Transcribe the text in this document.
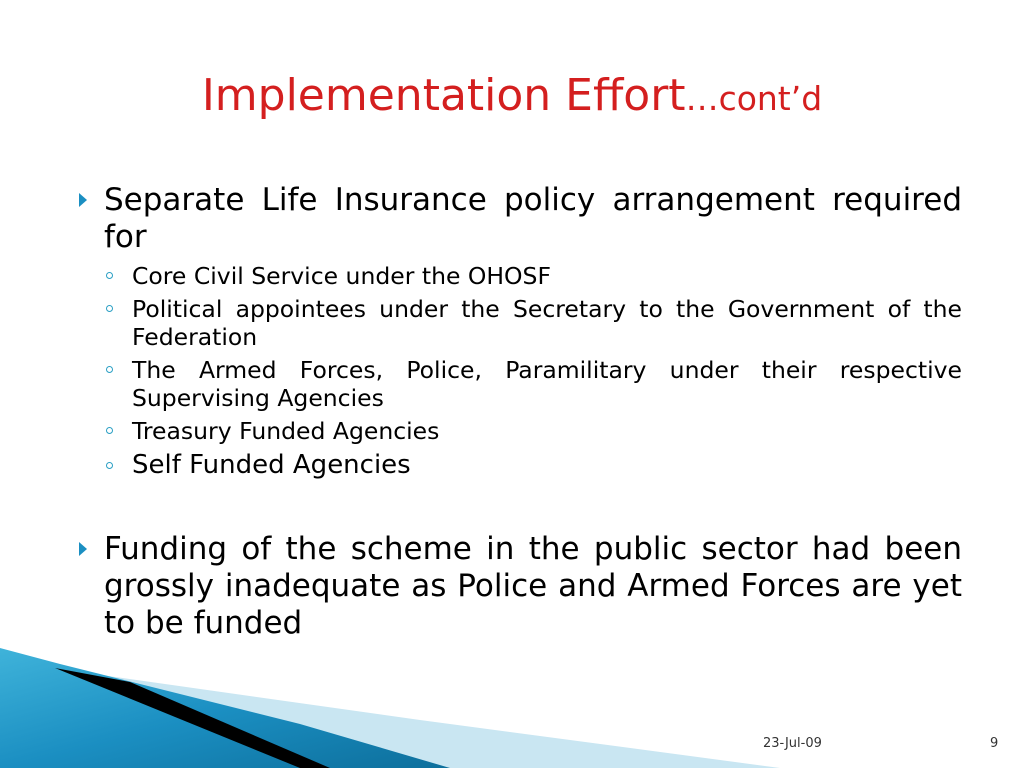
Implementation Effort…cont’d
Separate Life Insurance policy arrangement required for
Core Civil Service under the OHOSF
Political appointees under the Secretary to the Government of the Federation
The Armed Forces, Police, Paramilitary under their respective Supervising Agencies
Treasury Funded Agencies
Self Funded Agencies
Funding of the scheme in the public sector had been grossly inadequate as Police and Armed Forces are yet to be funded
23-Jul-09	9
